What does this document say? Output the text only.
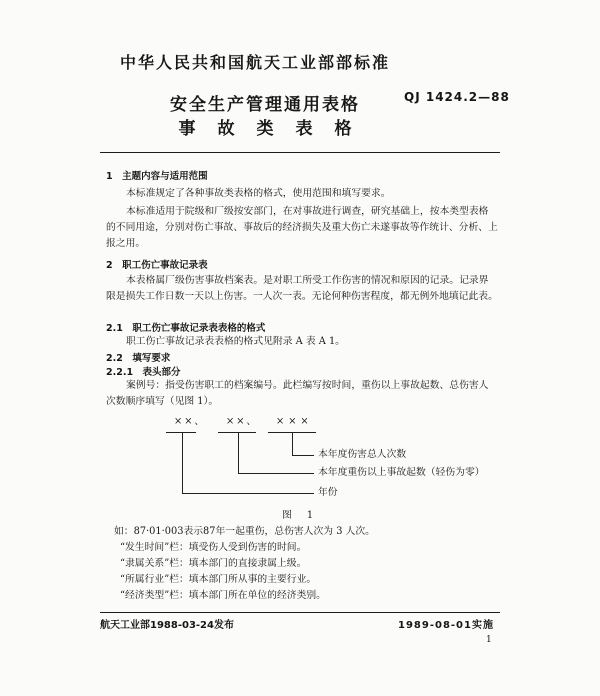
中华人民共和国航天工业部部标准
QJ 1424.2—88
安全生产管理通用表格
事故类表格
1　主题内容与适用范围
本标准规定了各种事故类表格的格式，使用范围和填写要求。
本标准适用于院级和厂级按安部门，在对事故进行调查，研究基础上，按本类型表格的不同用途，分别对伤亡事故、事故后的经济损失及重大伤亡未遂事故等作统计、分析、上报之用。
2　职工伤亡事故记录表
本表格属厂级伤害事故档案表。是对职工所受工作伤害的情况和原因的记录。记录界限是损失工作日数一天以上伤害。一人次一表。无论何种伤害程度，都无例外地填记此表。
2.1　职工伤亡事故记录表表格的格式
职工伤亡事故记录表表格的格式见附录 A 表 A 1。
2.2　填写要求
2.2.1　表头部分
案例号：指受伤害职工的档案编号。此栏编写按时间，重伤以上事故起数、总伤害人次数顺序填写（见图 1）。
××、 ××、 ×××
本年度伤害总人次数
本年度重伤以上事故起数（轻伤为零）
年份
图 1
如：87·01·003表示87年一起重伤，总伤害人次为 3 人次。
“发生时间”栏：填受伤人受到伤害的时间。
“隶属关系”栏：填本部门的直接隶属上级。
“所属行业”栏：填本部门所从事的主要行业。
“经济类型”栏：填本部门所在单位的经济类别。
航天工业部1988-03-24发布	1989-08-01实施
1
